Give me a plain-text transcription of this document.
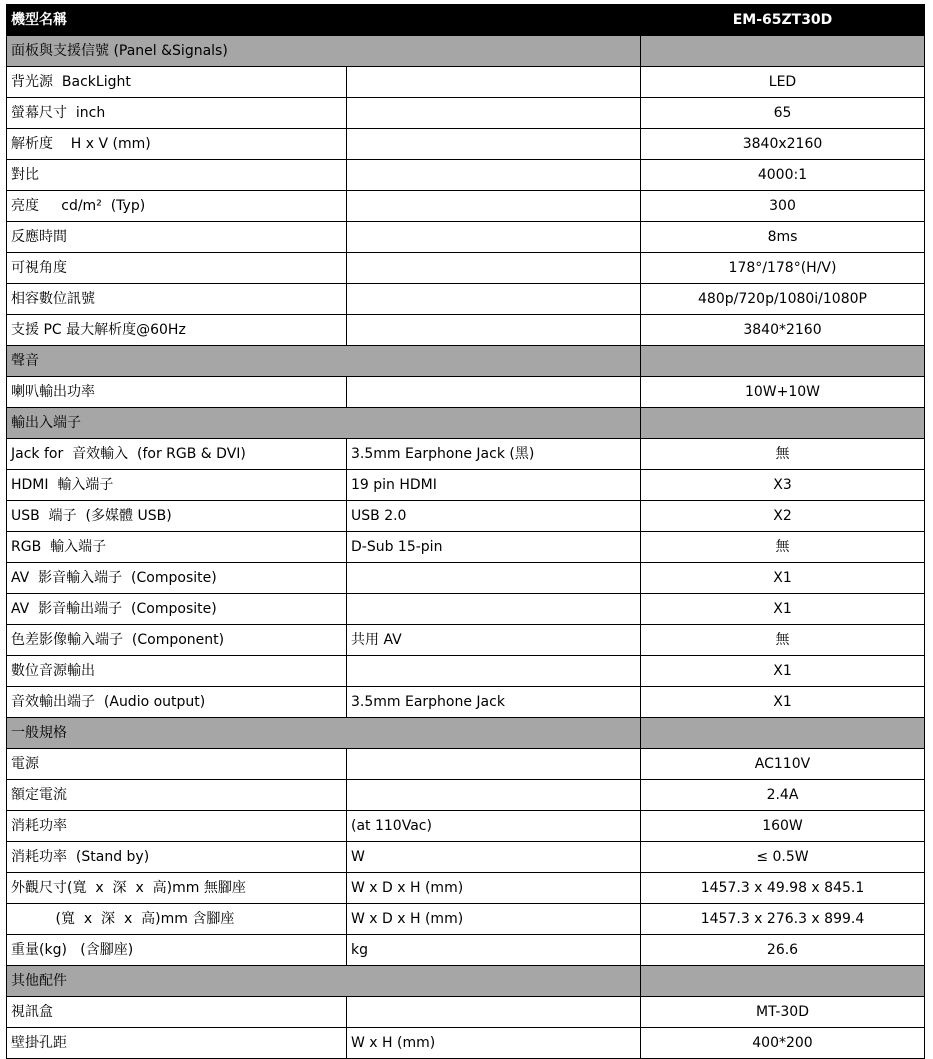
機型名稱		EM-65ZT30D
面板與支援信號 (Panel &Signals)		
背光源  BackLight		LED
螢幕尺寸  inch		65
解析度    H x V (mm)		3840x2160
對比		4000:1
亮度     cd/m²  (Typ)		300
反應時間		8ms
可視角度		178°/178°(H/V)
相容數位訊號		480p/720p/1080i/1080P
支援 PC 最大解析度@60Hz		3840*2160
聲音		
喇叭輸出功率		10W+10W
輸出入端子		
Jack for  音效輸入  (for RGB & DVI)	3.5mm Earphone Jack (黑)	無
HDMI  輸入端子	19 pin HDMI	X3
USB  端子  (多媒體 USB)	USB 2.0	X2
RGB  輸入端子	D-Sub 15-pin	無
AV  影音輸入端子  (Composite)		X1
AV  影音輸出端子  (Composite)		X1
色差影像輸入端子  (Component)	共用 AV	無
數位音源輸出		X1
音效輸出端子  (Audio output)	3.5mm Earphone Jack	X1
一般規格		
電源		AC110V
額定電流		2.4A
消耗功率	(at 110Vac)	160W
消耗功率  (Stand by)	W	≤ 0.5W
外觀尺寸(寬  x  深  x  高)mm 無腳座	W x D x H (mm)	1457.3 x 49.98 x 845.1
(寬  x  深  x  高)mm 含腳座	W x D x H (mm)	1457.3 x 276.3 x 899.4
重量(kg)   (含腳座)	kg	26.6
其他配件		
視訊盒		MT-30D
壁掛孔距	W x H (mm)	400*200
